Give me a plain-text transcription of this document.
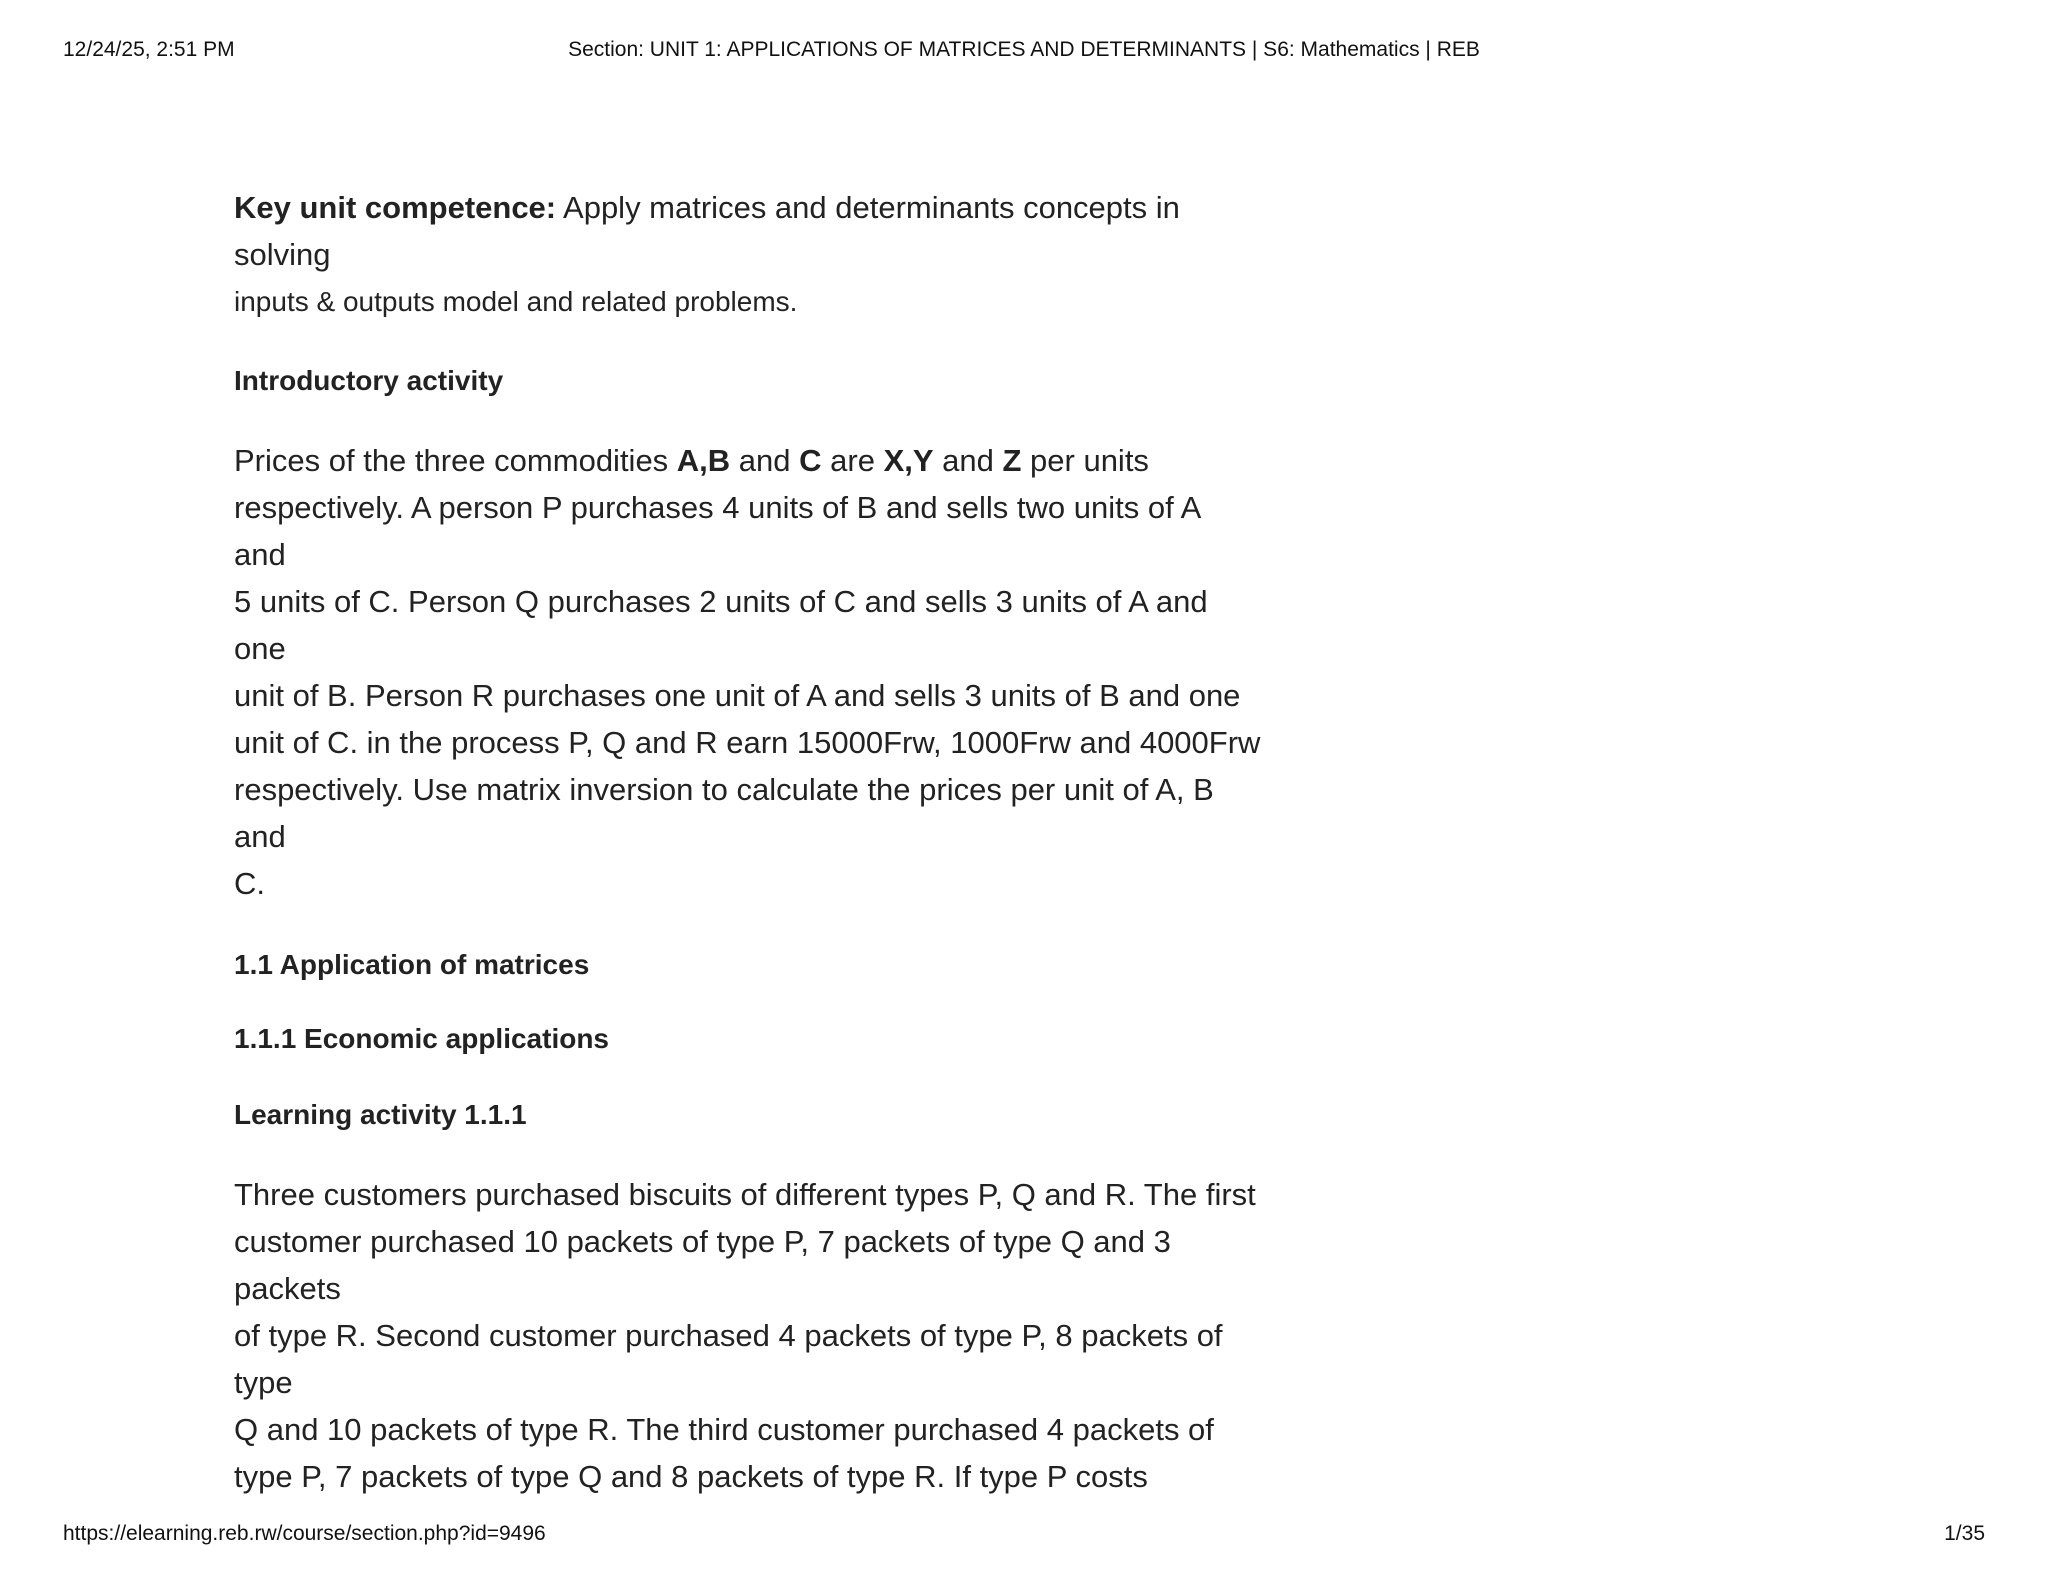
12/24/25, 2:51 PM	Section: UNIT 1: APPLICATIONS OF MATRICES AND DETERMINANTS | S6: Mathematics | REB

Key unit competence: Apply matrices and determinants concepts in
solving
inputs & outputs model and related problems.

Introductory activity

Prices of the three commodities A,B and C are X,Y and Z per units
respectively. A person P purchases 4 units of B and sells two units of A
and
5 units of C. Person Q purchases 2 units of C and sells 3 units of A and
one
unit of B. Person R purchases one unit of A and sells 3 units of B and one
unit of C. in the process P, Q and R earn 15000Frw, 1000Frw and 4000Frw
respectively. Use matrix inversion to calculate the prices per unit of A, B
and
C.

1.1 Application of matrices

1.1.1 Economic applications

Learning activity 1.1.1

Three customers purchased biscuits of different types P, Q and R. The first
customer purchased 10 packets of type P, 7 packets of type Q and 3
packets
of type R. Second customer purchased 4 packets of type P, 8 packets of
type
Q and 10 packets of type R. The third customer purchased 4 packets of
type P, 7 packets of type Q and 8 packets of type R. If type P costs

https://elearning.reb.rw/course/section.php?id=9496	1/35
